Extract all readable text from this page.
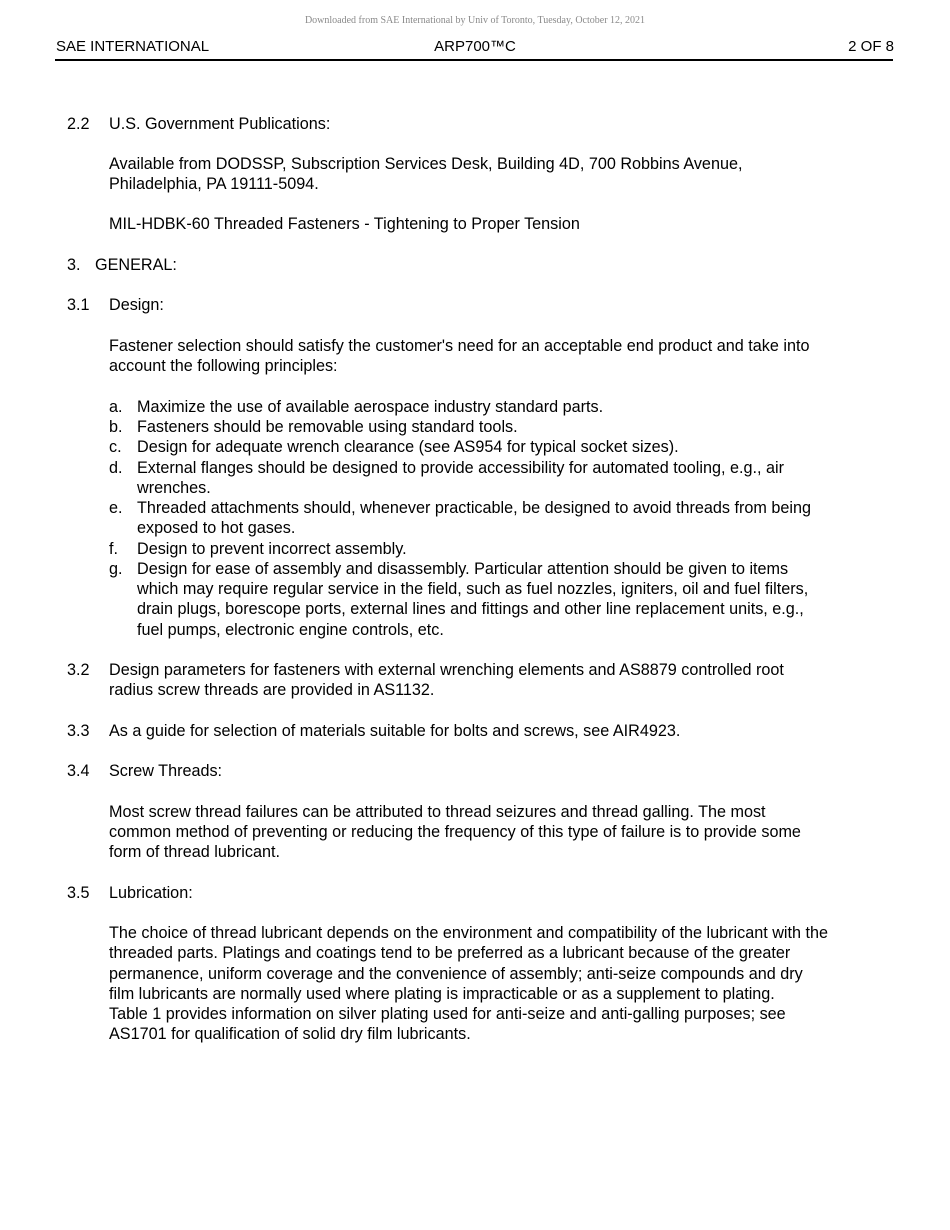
Downloaded from SAE International by Univ of Toronto, Tuesday, October 12, 2021
SAE INTERNATIONAL	ARP700™C	2 OF 8
2.2 U.S. Government Publications:
Available from DODSSP, Subscription Services Desk, Building 4D, 700 Robbins Avenue,
Philadelphia, PA 19111-5094.
MIL-HDBK-60 Threaded Fasteners - Tightening to Proper Tension
3. GENERAL:
3.1 Design:
Fastener selection should satisfy the customer's need for an acceptable end product and take into
account the following principles:
a. Maximize the use of available aerospace industry standard parts.
b. Fasteners should be removable using standard tools.
c. Design for adequate wrench clearance (see AS954 for typical socket sizes).
d. External flanges should be designed to provide accessibility for automated tooling, e.g., air
wrenches.
e. Threaded attachments should, whenever practicable, be designed to avoid threads from being
exposed to hot gases.
f. Design to prevent incorrect assembly.
g. Design for ease of assembly and disassembly. Particular attention should be given to items
which may require regular service in the field, such as fuel nozzles, igniters, oil and fuel filters,
drain plugs, borescope ports, external lines and fittings and other line replacement units, e.g.,
fuel pumps, electronic engine controls, etc.
3.2 Design parameters for fasteners with external wrenching elements and AS8879 controlled root
radius screw threads are provided in AS1132.
3.3 As a guide for selection of materials suitable for bolts and screws, see AIR4923.
3.4 Screw Threads:
Most screw thread failures can be attributed to thread seizures and thread galling. The most
common method of preventing or reducing the frequency of this type of failure is to provide some
form of thread lubricant.
3.5 Lubrication:
The choice of thread lubricant depends on the environment and compatibility of the lubricant with the
threaded parts. Platings and coatings tend to be preferred as a lubricant because of the greater
permanence, uniform coverage and the convenience of assembly; anti-seize compounds and dry
film lubricants are normally used where plating is impracticable or as a supplement to plating.
Table 1 provides information on silver plating used for anti-seize and anti-galling purposes; see
AS1701 for qualification of solid dry film lubricants.
